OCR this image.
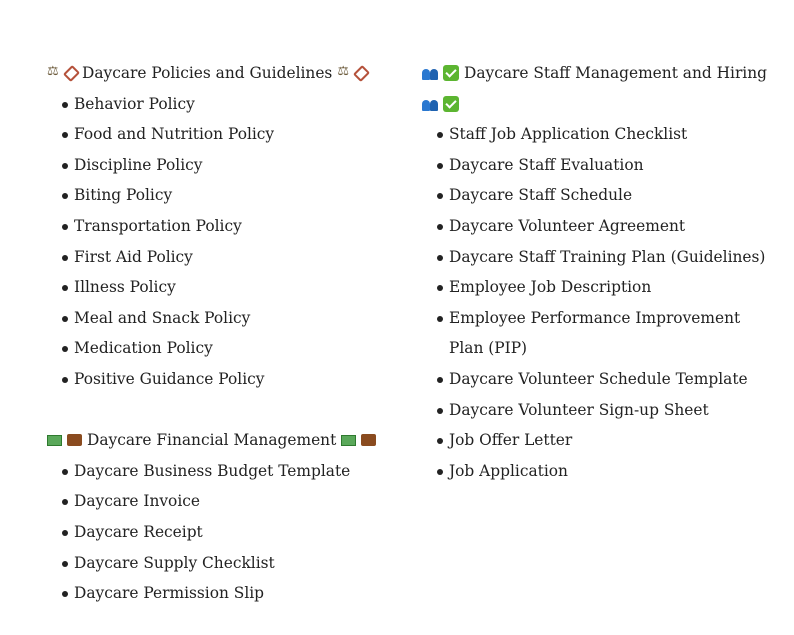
⚖
Daycare Policies and Guidelines
⚖
Behavior Policy
Food and Nutrition Policy
Discipline Policy
Biting Policy
Transportation Policy
First Aid Policy
Illness Policy
Meal and Snack Policy
Medication Policy
Positive Guidance Policy
Daycare Financial Management
Daycare Business Budget Template
Daycare Invoice
Daycare Receipt
Daycare Supply Checklist
Daycare Permission Slip
Daycare Staff Management and Hiring
Staff Job Application Checklist
Daycare Staff Evaluation
Daycare Staff Schedule
Daycare Volunteer Agreement
Daycare Staff Training Plan (Guidelines)
Employee Job Description
Employee Performance Improvement Plan (PIP)
Daycare Volunteer Schedule Template
Daycare Volunteer Sign-up Sheet
Job Offer Letter
Job Application
